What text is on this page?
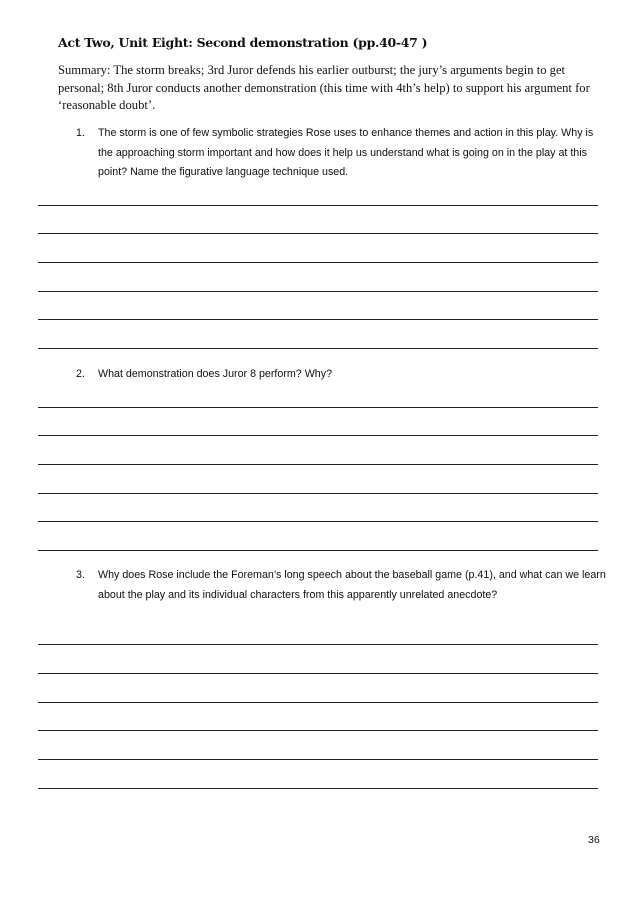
Act Two, Unit Eight: Second demonstration (pp.40-47 )
Summary: The storm breaks; 3rd Juror defends his earlier outburst; the jury’s arguments begin to get personal; 8th Juror conducts another demonstration (this time with 4th’s help) to support his argument for ‘reasonable doubt’.
1. The storm is one of few symbolic strategies Rose uses to enhance themes and action in this play. Why is the approaching storm important and how does it help us understand what is going on in the play at this point? Name the figurative language technique used.
2. What demonstration does Juror 8 perform? Why?
3. Why does Rose include the Foreman’s long speech about the baseball game (p.41), and what can we learn about the play and its individual characters from this apparently unrelated anecdote?
36
